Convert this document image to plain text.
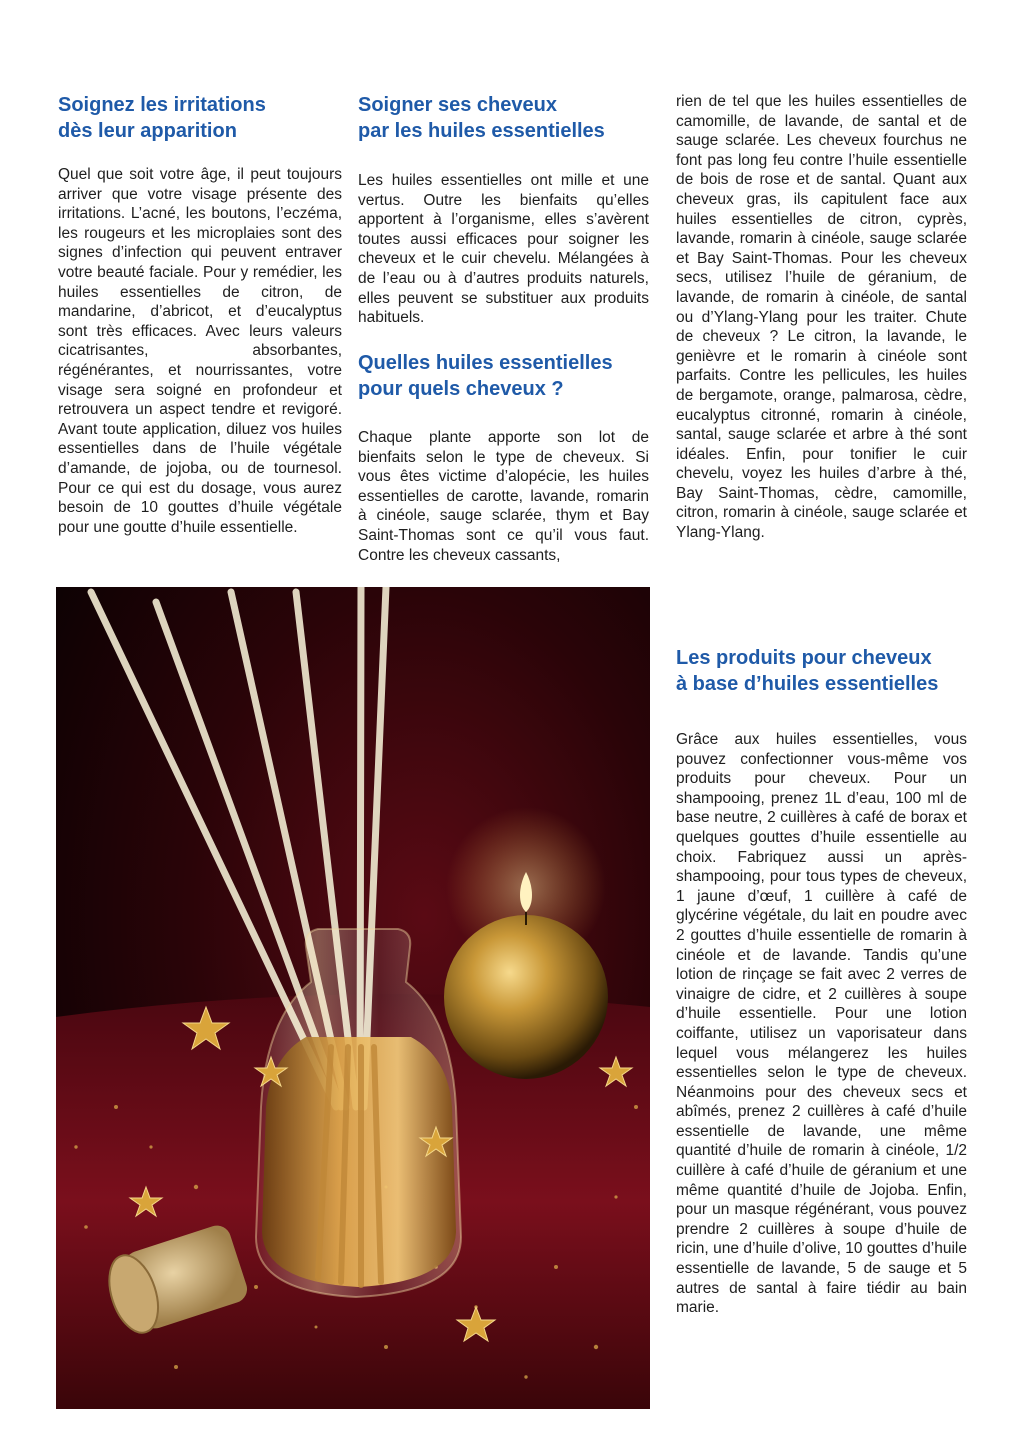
Soignez les irritations
dès leur apparition

Quel que soit votre âge, il peut toujours arriver que votre visage présente des irritations. L’acné, les boutons, l’eczéma, les rougeurs et les microplaies sont des signes d’infection qui peuvent entraver votre beauté faciale. Pour y remédier, les huiles essentielles de citron, de mandarine, d’abricot, et d’eucalyptus sont très efficaces. Avec leurs valeurs cicatrisantes, absorbantes, régénérantes, et nourrissantes, votre visage sera soigné en profondeur et retrouvera un aspect tendre et revigoré. Avant toute application, diluez vos huiles essentielles dans de l’huile végétale d’amande, de jojoba, ou de tournesol. Pour ce qui est du dosage, vous aurez besoin de 10 gouttes d’huile végétale pour une goutte d’huile essentielle.

Soigner ses cheveux
par les huiles essentielles

Les huiles essentielles ont mille et une vertus. Outre les bienfaits qu’elles apportent à l’organisme, elles s’avèrent toutes aussi efficaces pour soigner les cheveux et le cuir chevelu. Mélangées à de l’eau ou à d’autres produits naturels, elles peuvent se substituer aux produits habituels.

Quelles huiles essentielles
pour quels cheveux ?

Chaque plante apporte son lot de bienfaits selon le type de cheveux. Si vous êtes victime d’alopécie, les huiles essentielles de carotte, lavande, romarin à cinéole, sauge sclarée, thym et Bay Saint-Thomas sont ce qu’il vous faut. Contre les cheveux cassants,

rien de tel que les huiles essentielles de camomille, de lavande, de santal et de sauge sclarée. Les cheveux fourchus ne font pas long feu contre l’huile essentielle de bois de rose et de santal. Quant aux cheveux gras, ils capitulent face aux huiles essentielles de citron, cyprès, lavande, romarin à cinéole, sauge sclarée et Bay Saint-Thomas. Pour les cheveux secs, utilisez l’huile de géranium, de lavande, de romarin à cinéole, de santal ou d’Ylang-Ylang pour les traiter. Chute de cheveux ? Le citron, la lavande, le genièvre et le romarin à cinéole sont parfaits. Contre les pellicules, les huiles de bergamote, orange, palmarosa, cèdre, eucalyptus citronné, romarin à cinéole, santal, sauge sclarée et arbre à thé sont idéales. Enfin, pour tonifier le cuir chevelu, voyez les huiles d’arbre à thé, Bay Saint-Thomas, cèdre, camomille, citron, romarin à cinéole, sauge sclarée et Ylang-Ylang.

Les produits pour cheveux
à base d’huiles essentielles

Grâce aux huiles essentielles, vous pouvez confectionner vous-même vos produits pour cheveux. Pour un shampooing, prenez 1L d’eau, 100 ml de base neutre, 2 cuillères à café de borax et quelques gouttes d’huile essentielle au choix. Fabriquez aussi un après-shampooing, pour tous types de cheveux, 1 jaune d’œuf, 1 cuillère à café de glycérine végétale, du lait en poudre avec 2 gouttes d’huile essentielle de romarin à cinéole et de lavande. Tandis qu’une lotion de rinçage se fait avec 2 verres de vinaigre de cidre, et 2 cuillères à soupe d’huile essentielle. Pour une lotion coiffante, utilisez un vaporisateur dans lequel vous mélangerez les huiles essentielles selon le type de cheveux. Néanmoins pour des cheveux secs et abîmés, prenez 2 cuillères à café d’huile essentielle de lavande, une même quantité d’huile de romarin à cinéole, 1/2 cuillère à café d’huile de géranium et une même quantité d’huile de Jojoba. Enfin, pour un masque régénérant, vous pouvez prendre 2 cuillères à soupe d’huile de ricin, une d’huile d’olive, 10 gouttes d’huile essentielle de lavande, 5 de sauge et 5 autres de santal à faire tiédir au bain marie.
